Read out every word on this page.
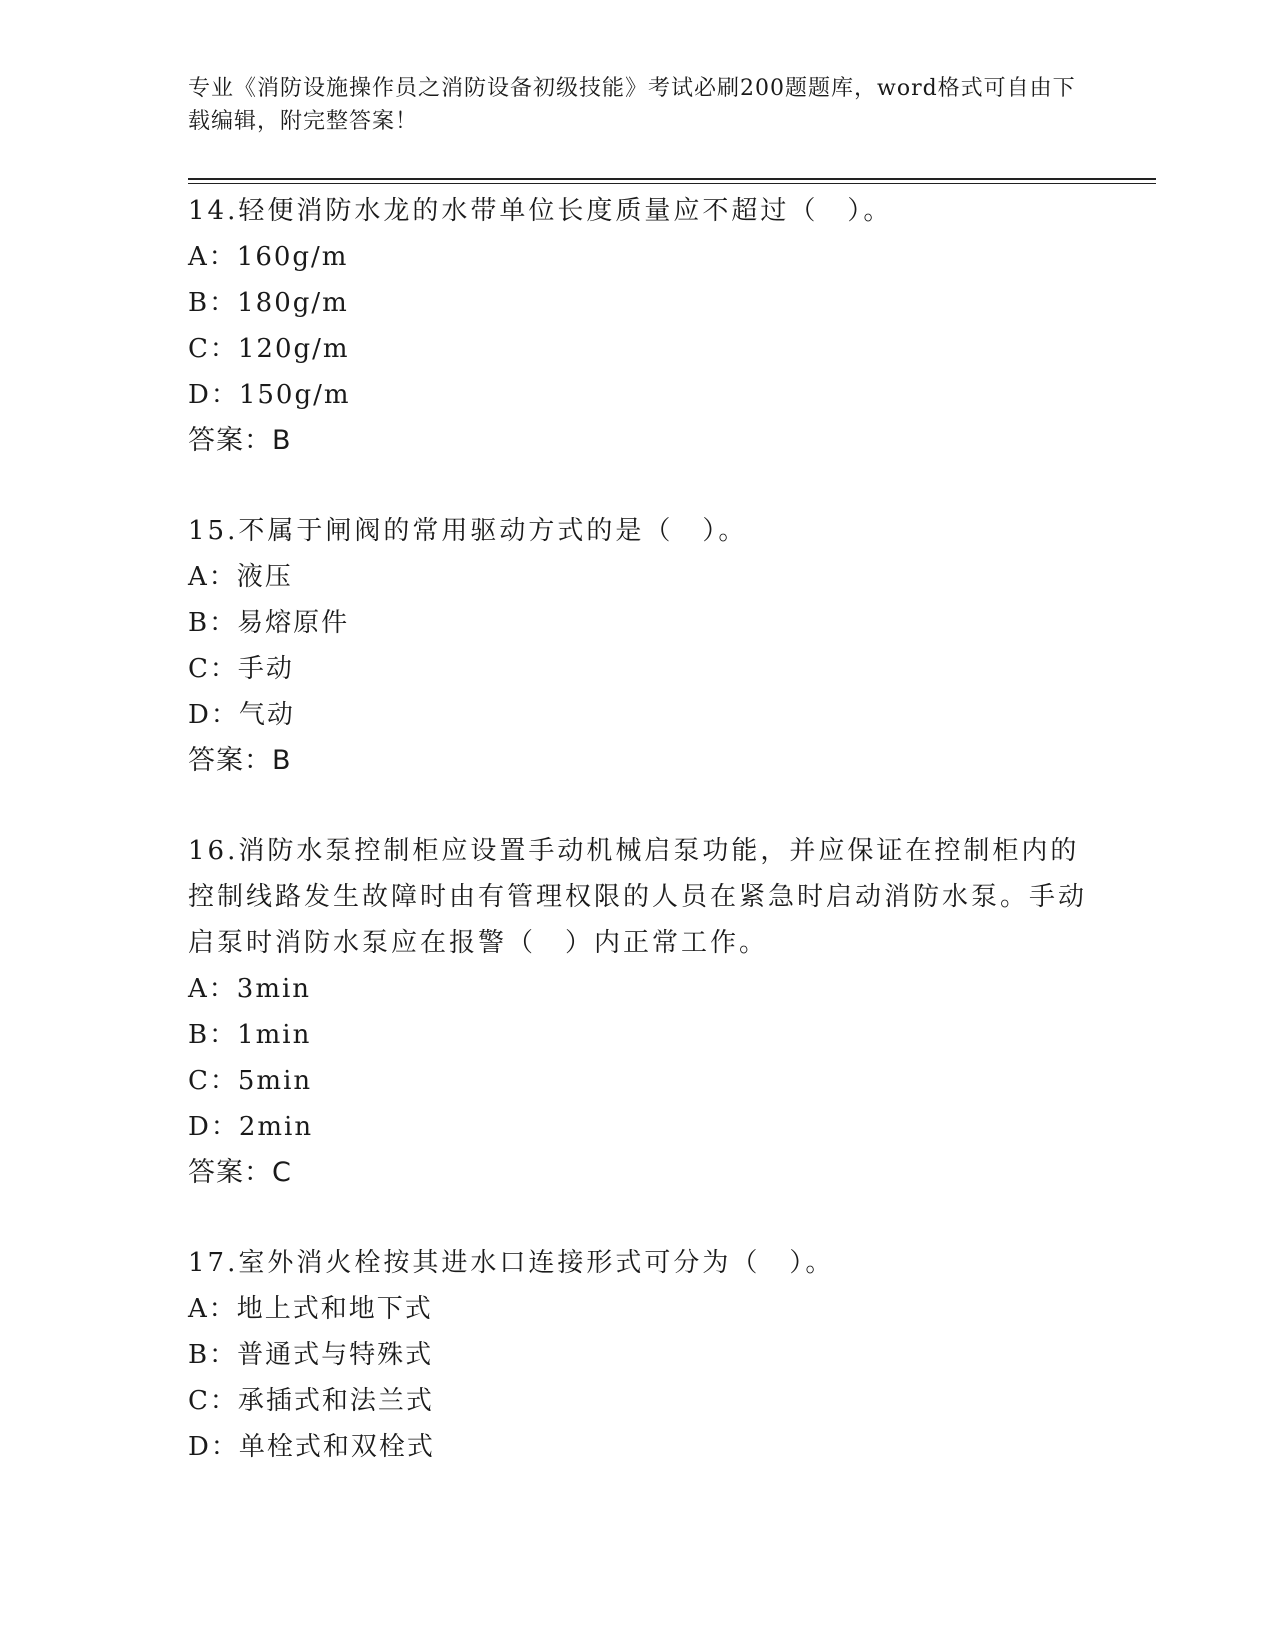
专业《消防设施操作员之消防设备初级技能》考试必刷200题题库，word格式可自由下载编辑，附完整答案！
14.轻便消防水龙的水带单位长度质量应不超过（　）。
A：160g/m
B：180g/m
C：120g/m
D：150g/m
答案：B
15.不属于闸阀的常用驱动方式的是（　）。
A：液压
B：易熔原件
C：手动
D：气动
答案：B
16.消防水泵控制柜应设置手动机械启泵功能，并应保证在控制柜内的控制线路发生故障时由有管理权限的人员在紧急时启动消防水泵。手动启泵时消防水泵应在报警（　）内正常工作。
A：3min
B：1min
C：5min
D：2min
答案：C
17.室外消火栓按其进水口连接形式可分为（　）。
A：地上式和地下式
B：普通式与特殊式
C：承插式和法兰式
D：单栓式和双栓式
